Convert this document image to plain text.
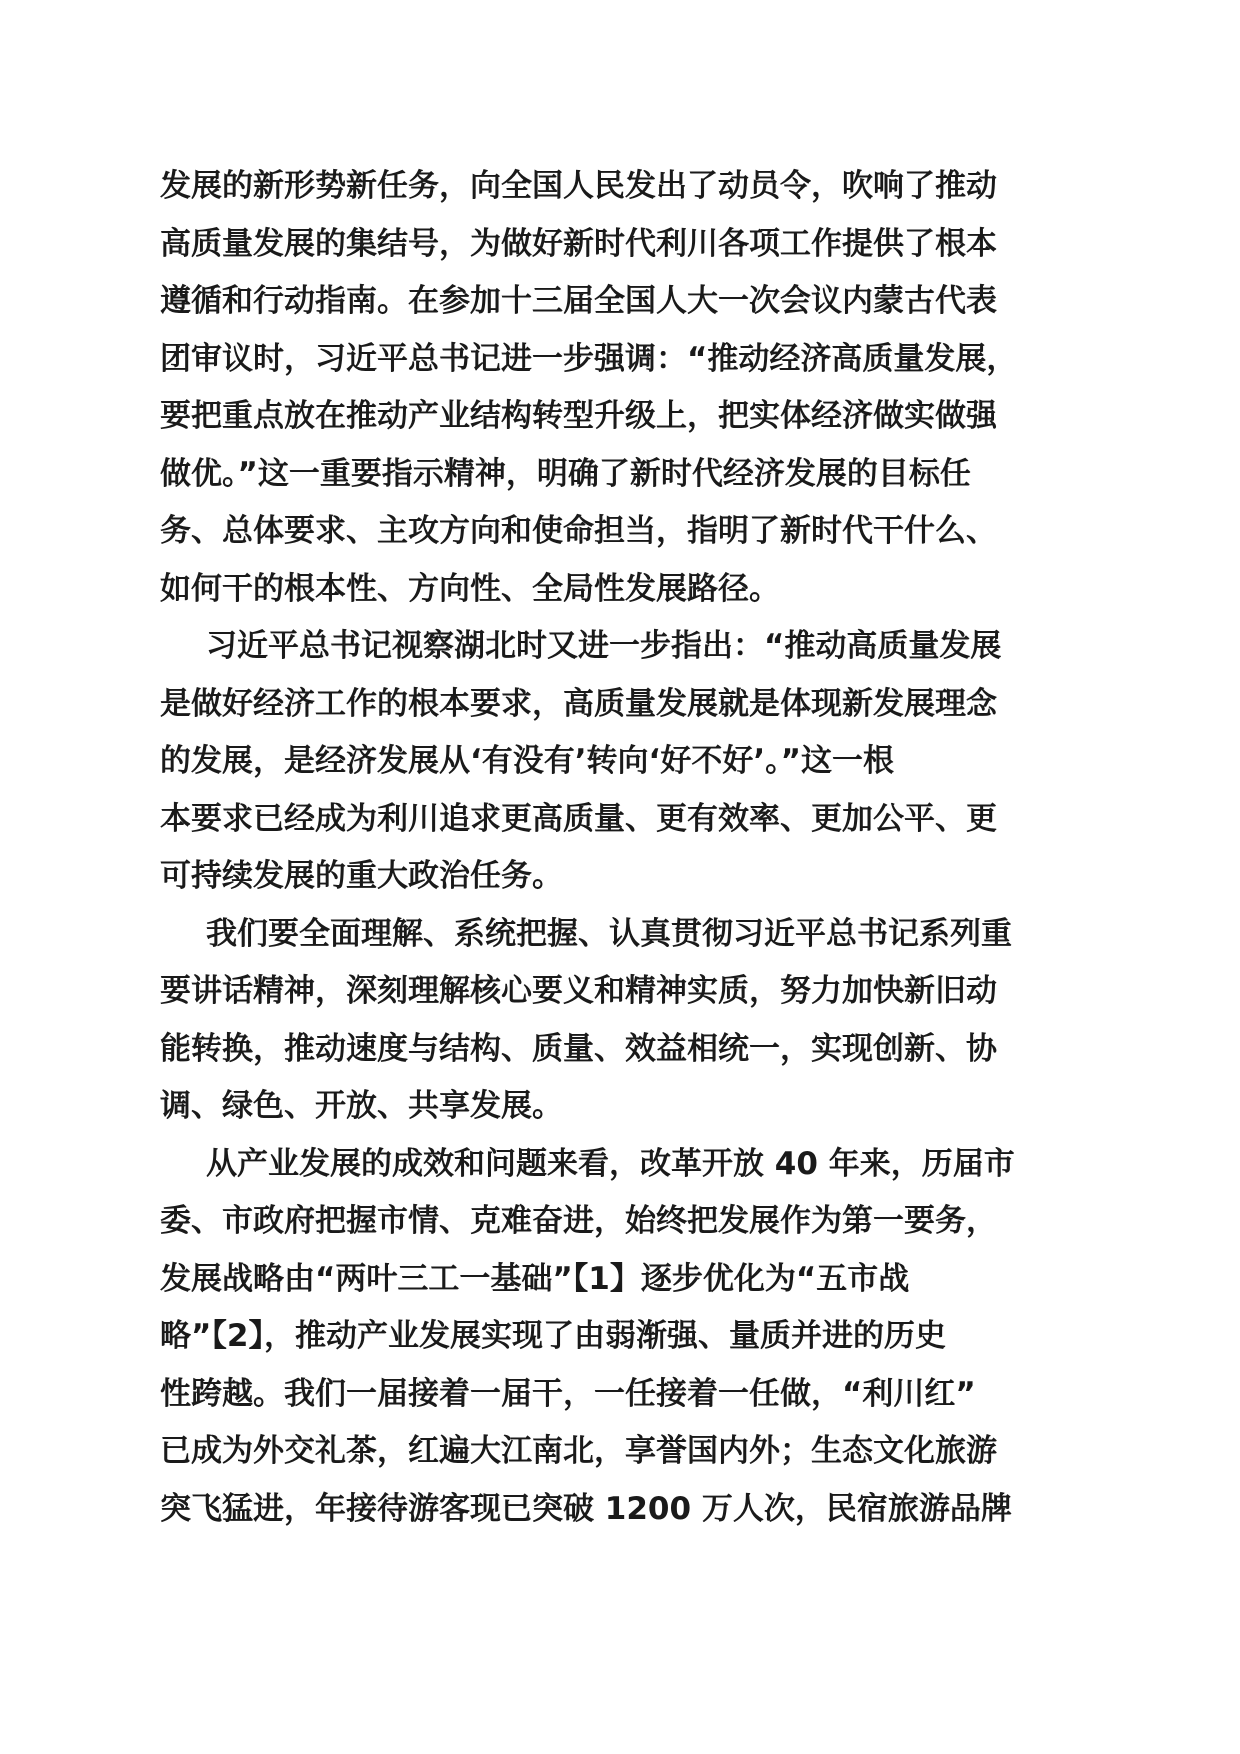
发展的新形势新任务，向全国人民发出了动员令，吹响了推动
高质量发展的集结号，为做好新时代利川各项工作提供了根本
遵循和行动指南。在参加十三届全国人大一次会议内蒙古代表
团审议时，习近平总书记进一步强调：“推动经济高质量发展，
要把重点放在推动产业结构转型升级上，把实体经济做实做强
做优。”这一重要指示精神，明确了新时代经济发展的目标任
务、总体要求、主攻方向和使命担当，指明了新时代干什么、
如何干的根本性、方向性、全局性发展路径。
习近平总书记视察湖北时又进一步指出：“推动高质量发展
是做好经济工作的根本要求，高质量发展就是体现新发展理念
的发展，是经济发展从‘有没有’转向‘好不好’。”这一根
本要求已经成为利川追求更高质量、更有效率、更加公平、更
可持续发展的重大政治任务。
我们要全面理解、系统把握、认真贯彻习近平总书记系列重
要讲话精神，深刻理解核心要义和精神实质，努力加快新旧动
能转换，推动速度与结构、质量、效益相统一，实现创新、协
调、绿色、开放、共享发展。
从产业发展的成效和问题来看，改革开放 40 年来，历届市
委、市政府把握市情、克难奋进，始终把发展作为第一要务，
发展战略由“两叶三工一基础”【1】逐步优化为“五市战
略”【2】，推动产业发展实现了由弱渐强、量质并进的历史
性跨越。我们一届接着一届干，一任接着一任做，“利川红”
已成为外交礼茶，红遍大江南北，享誉国内外；生态文化旅游
突飞猛进，年接待游客现已突破 1200 万人次，民宿旅游品牌
